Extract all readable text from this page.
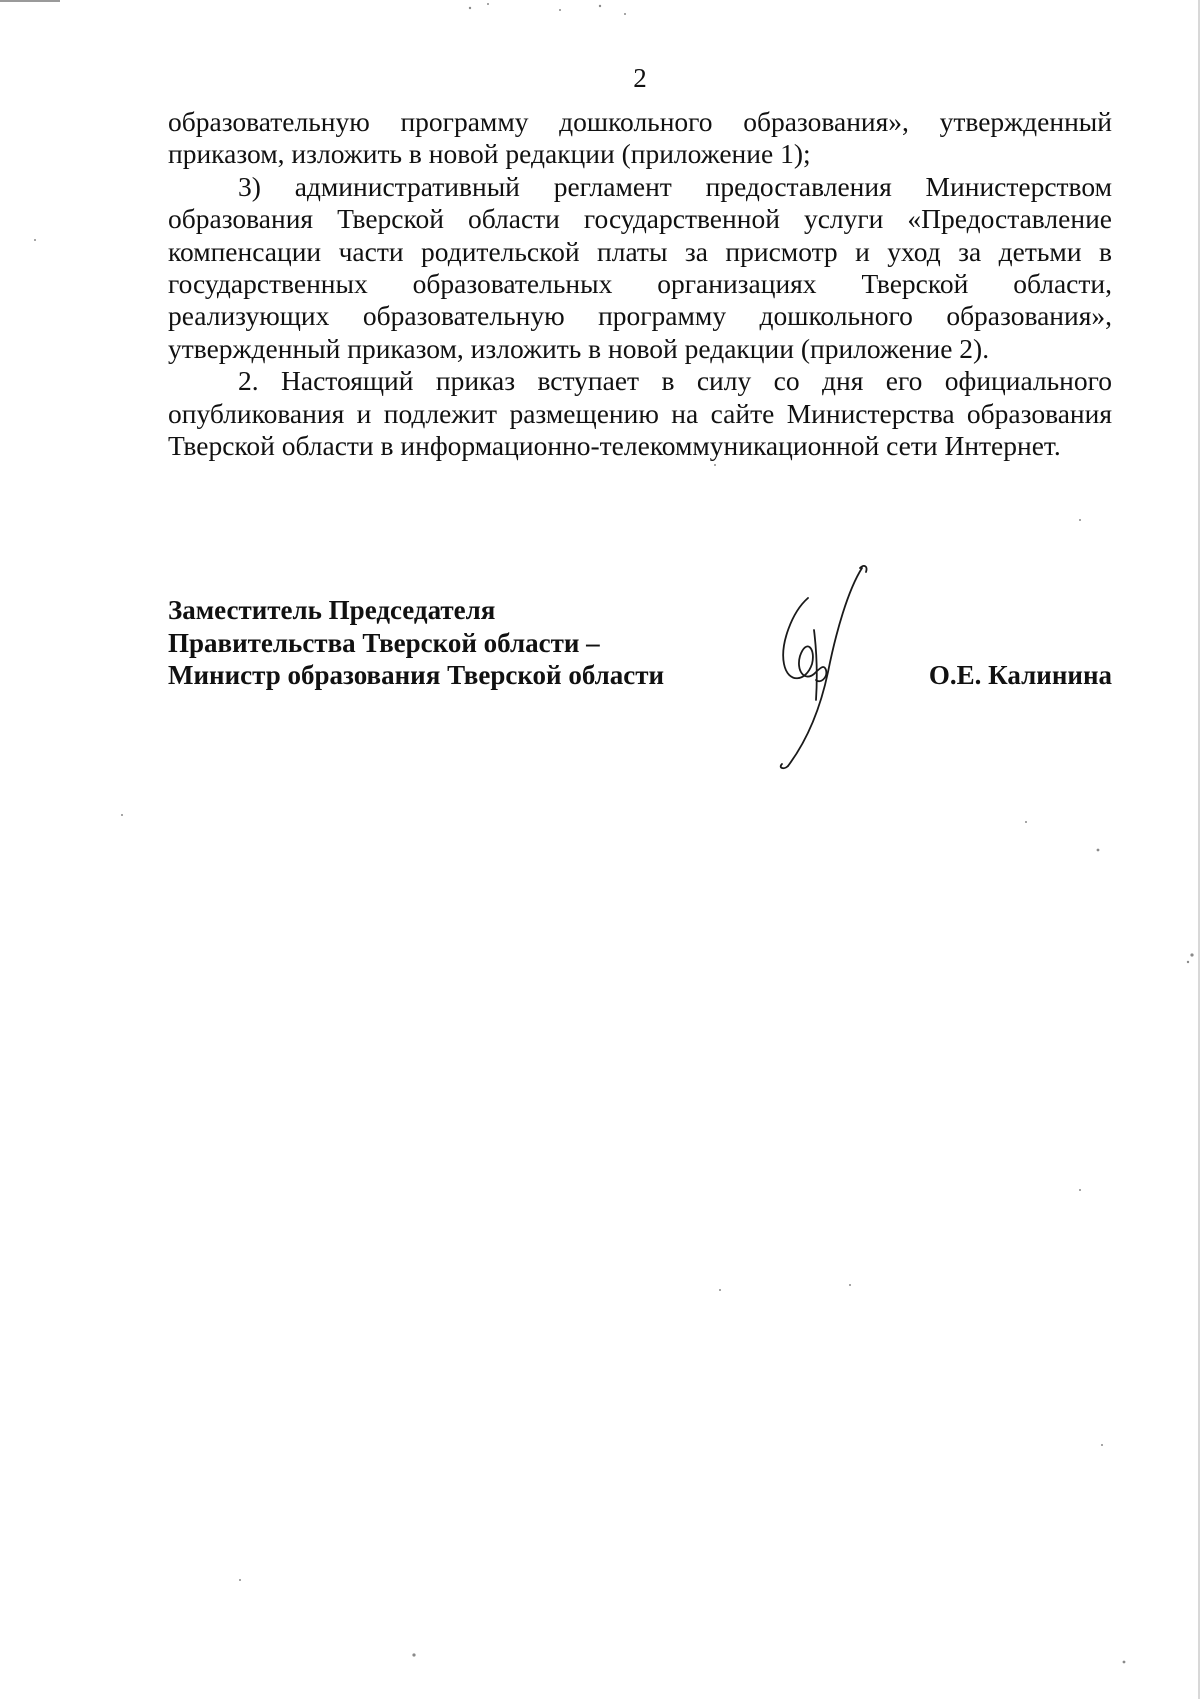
2

образовательную программу дошкольного образования», утвержденный приказом, изложить в новой редакции (приложение 1);

3) административный регламент предоставления Министерством образования Тверской области государственной услуги «Предоставление компенсации части родительской платы за присмотр и уход за детьми в государственных образовательных организациях Тверской области, реализующих образовательную программу дошкольного образования», утвержденный приказом, изложить в новой редакции (приложение 2).

2. Настоящий приказ вступает в силу со дня его официального опубликования и подлежит размещению на сайте Министерства образования Тверской области в информационно-телекоммуникационной сети Интернет.

Заместитель Председателя
Правительства Тверской области –
Министр образования Тверской области	О.Е. Калинина
